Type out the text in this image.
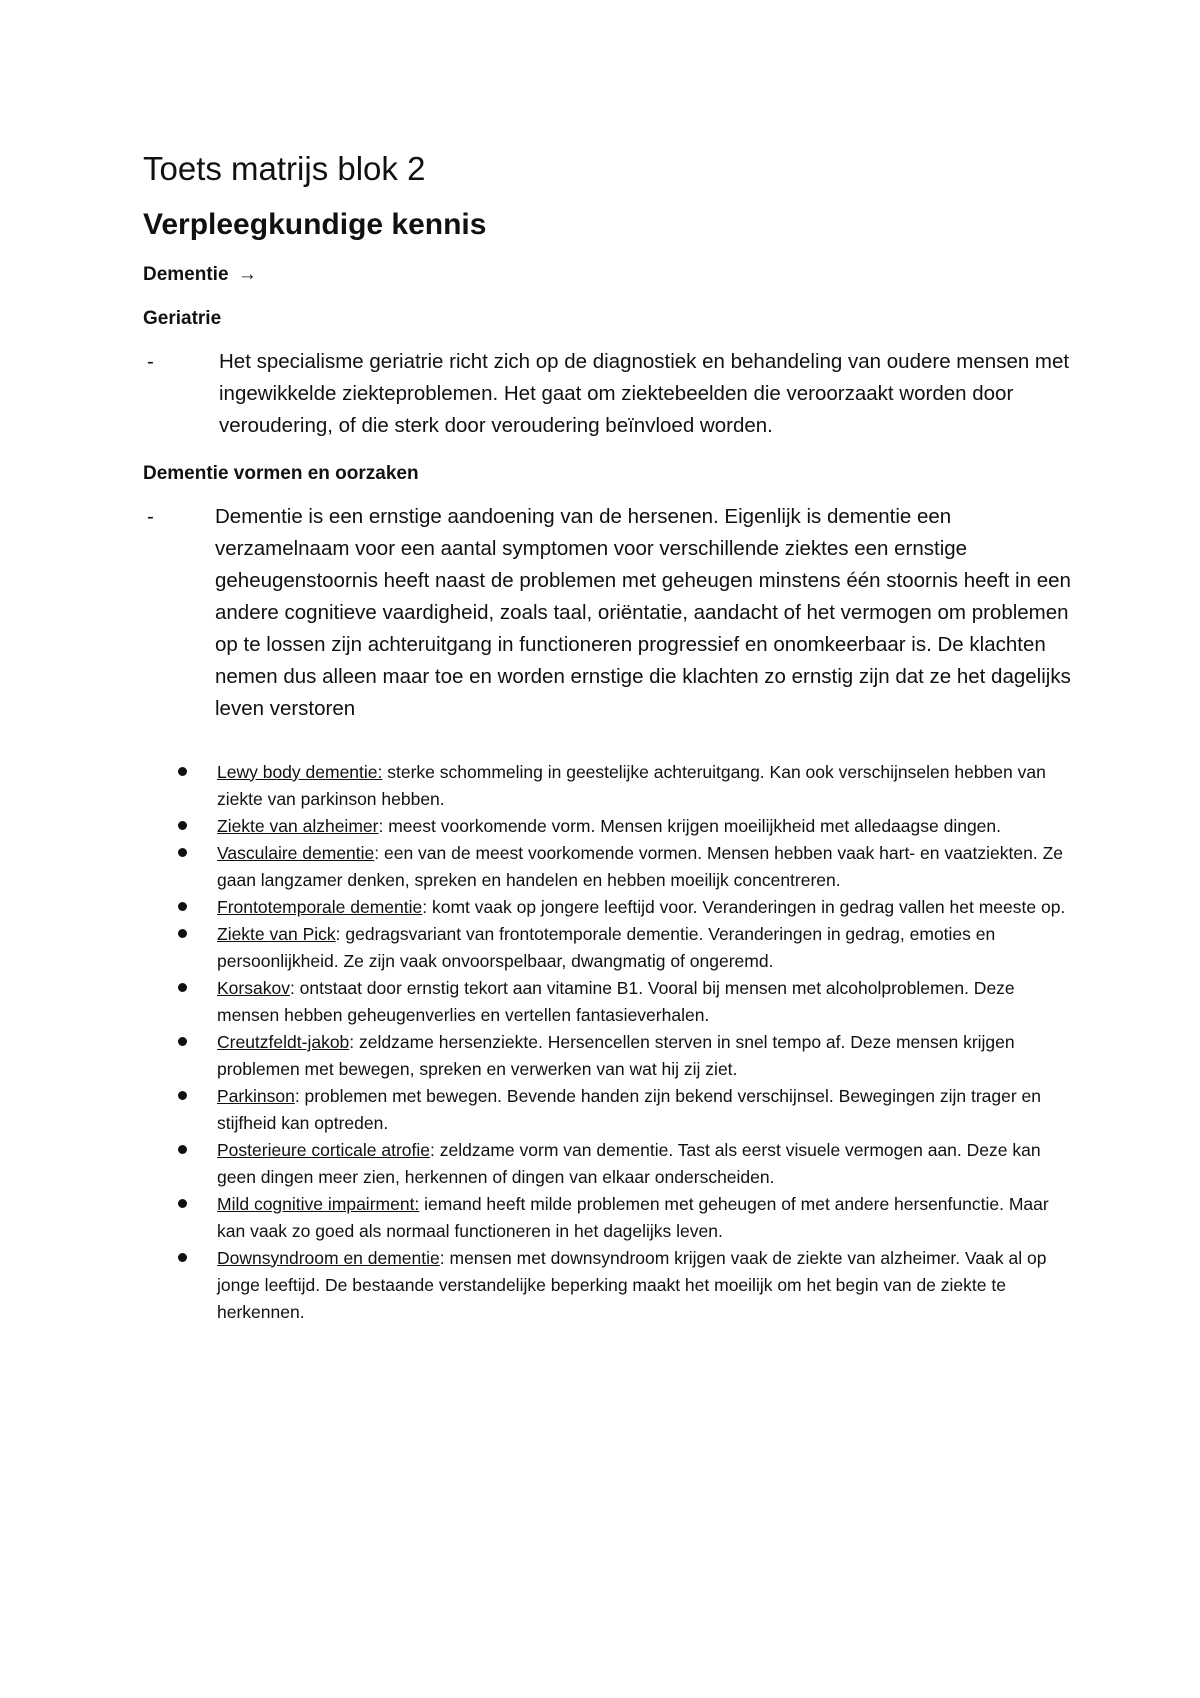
Toets matrijs blok 2
Verpleegkundige kennis
Dementie →
Geriatrie
-	Het specialisme geriatrie richt zich op de diagnostiek en behandeling van oudere mensen met ingewikkelde ziekteproblemen. Het gaat om ziektebeelden die veroorzaakt worden door veroudering, of die sterk door veroudering beïnvloed worden.
Dementie vormen en oorzaken
-	Dementie is een ernstige aandoening van de hersenen. Eigenlijk is dementie een verzamelnaam voor een aantal symptomen voor verschillende ziektes een ernstige geheugenstoornis heeft naast de problemen met geheugen minstens één stoornis heeft in een andere cognitieve vaardigheid, zoals taal, oriëntatie, aandacht of het vermogen om problemen op te lossen zijn achteruitgang in functioneren progressief en onomkeerbaar is. De klachten nemen dus alleen maar toe en worden ernstige die klachten zo ernstig zijn dat ze het dagelijks leven verstoren
Lewy body dementie: sterke schommeling in geestelijke achteruitgang. Kan ook verschijnselen hebben van ziekte van parkinson hebben.
Ziekte van alzheimer: meest voorkomende vorm. Mensen krijgen moeilijkheid met alledaagse dingen.
Vasculaire dementie: een van de meest voorkomende vormen. Mensen hebben vaak hart- en vaatziekten. Ze gaan langzamer denken, spreken en handelen en hebben moeilijk concentreren.
Frontotemporale dementie: komt vaak op jongere leeftijd voor. Veranderingen in gedrag vallen het meeste op.
Ziekte van Pick: gedragsvariant van frontotemporale dementie. Veranderingen in gedrag, emoties en persoonlijkheid. Ze zijn vaak onvoorspelbaar, dwangmatig of ongeremd.
Korsakov: ontstaat door ernstig tekort aan vitamine B1. Vooral bij mensen met alcoholproblemen. Deze mensen hebben geheugenverlies en vertellen fantasieverhalen.
Creutzfeldt-jakob: zeldzame hersenziekte. Hersencellen sterven in snel tempo af. Deze mensen krijgen problemen met bewegen, spreken en verwerken van wat hij zij ziet.
Parkinson: problemen met bewegen. Bevende handen zijn bekend verschijnsel. Bewegingen zijn trager en stijfheid kan optreden.
Posterieure corticale atrofie: zeldzame vorm van dementie. Tast als eerst visuele vermogen aan. Deze kan geen dingen meer zien, herkennen of dingen van elkaar onderscheiden.
Mild cognitive impairment: iemand heeft milde problemen met geheugen of met andere hersenfunctie. Maar kan vaak zo goed als normaal functioneren in het dagelijks leven.
Downsyndroom en dementie: mensen met downsyndroom krijgen vaak de ziekte van alzheimer. Vaak al op jonge leeftijd. De bestaande verstandelijke beperking maakt het moeilijk om het begin van de ziekte te herkennen.
